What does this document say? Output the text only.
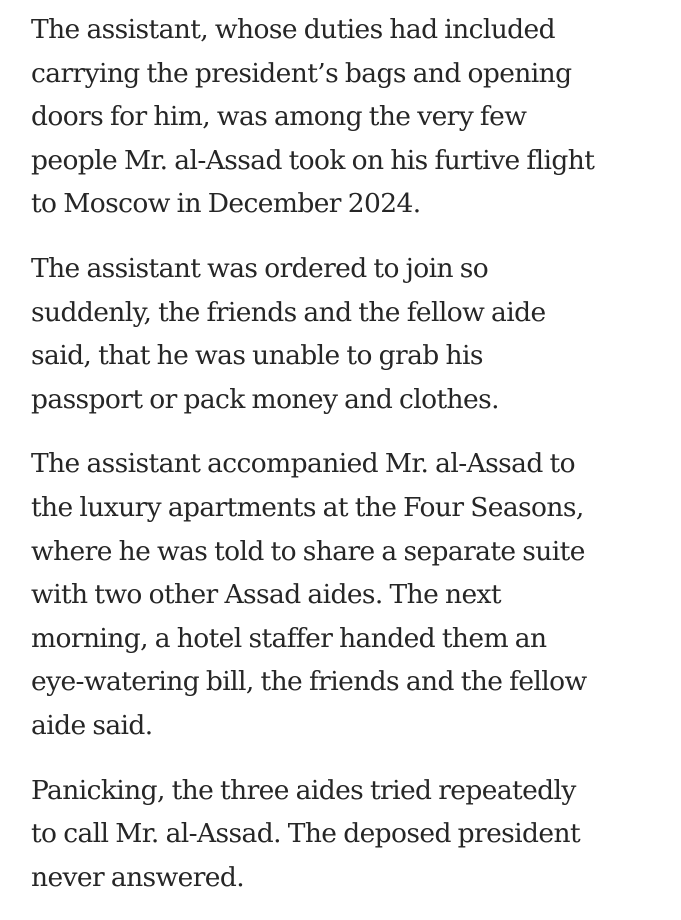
The assistant, whose duties had included
carrying the president’s bags and opening
doors for him, was among the very few
people Mr. al-Assad took on his furtive flight
to Moscow in December 2024.

The assistant was ordered to join so
suddenly, the friends and the fellow aide
said, that he was unable to grab his
passport or pack money and clothes.

The assistant accompanied Mr. al-Assad to
the luxury apartments at the Four Seasons,
where he was told to share a separate suite
with two other Assad aides. The next
morning, a hotel staffer handed them an
eye-watering bill, the friends and the fellow
aide said.

Panicking, the three aides tried repeatedly
to call Mr. al-Assad. The deposed president
never answered.
